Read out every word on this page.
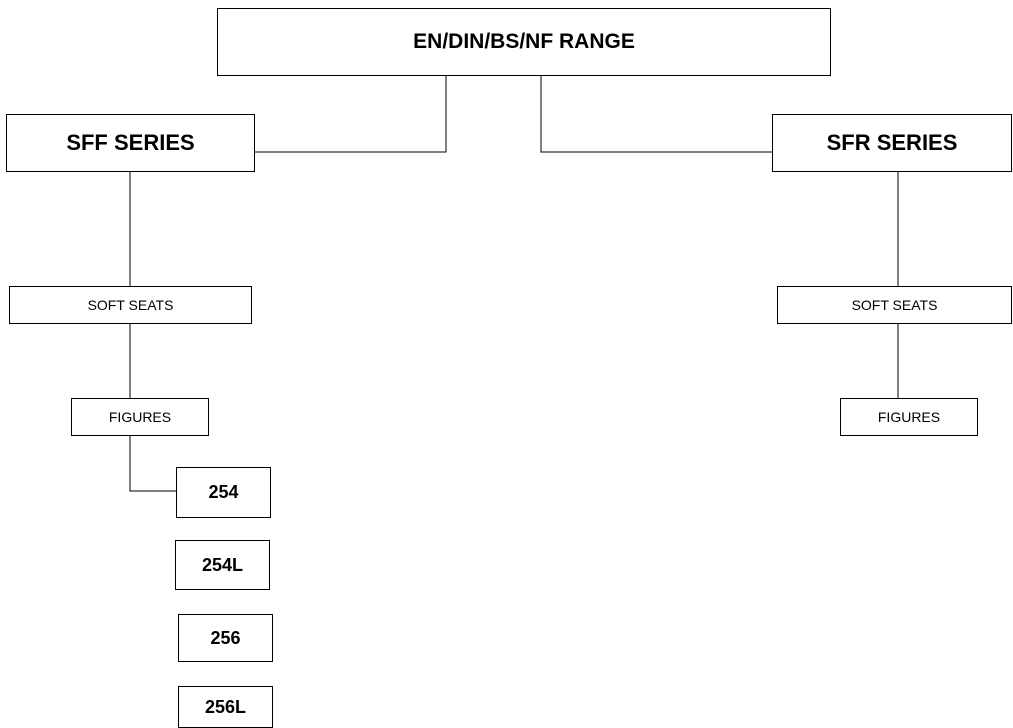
EN/DIN/BS/NF RANGE
SFF SERIES	SFR SERIES
SOFT SEATS	SOFT SEATS
FIGURES	FIGURES
254
254L
256
256L
